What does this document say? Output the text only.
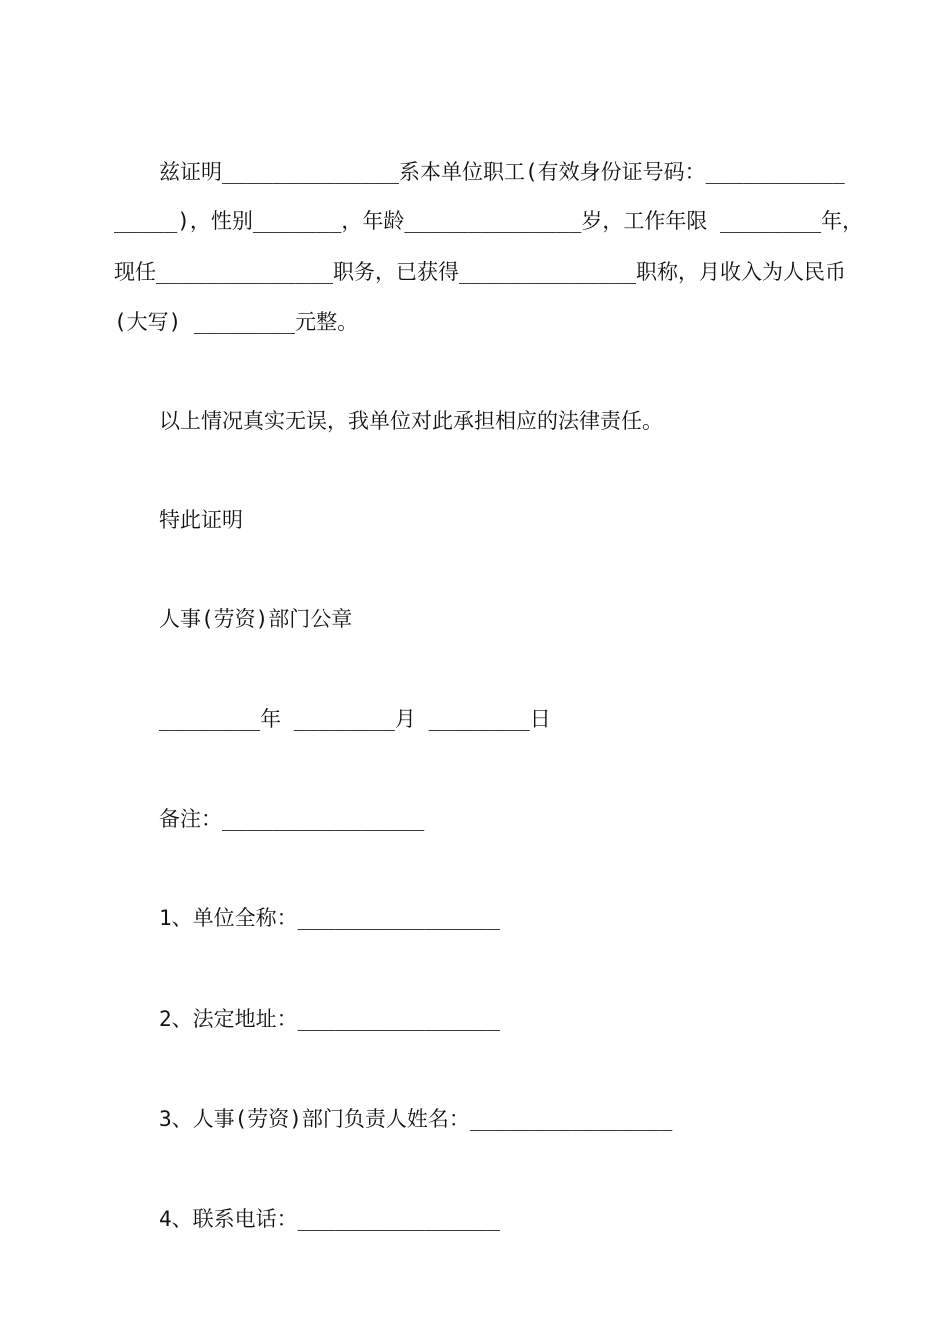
兹证明______________系本单位职工(有效身份证号码：___________
_____)，性别_______，年龄______________岁，工作年限 ________年，
现任______________职务，已获得______________职称，月收入为人民币
(大写) ________元整。
以上情况真实无误，我单位对此承担相应的法律责任。
特此证明
人事(劳资)部门公章
________年 ________月 ________日
备注：________________
1、单位全称：________________
2、法定地址：________________
3、人事(劳资)部门负责人姓名：________________
4、联系电话：________________
